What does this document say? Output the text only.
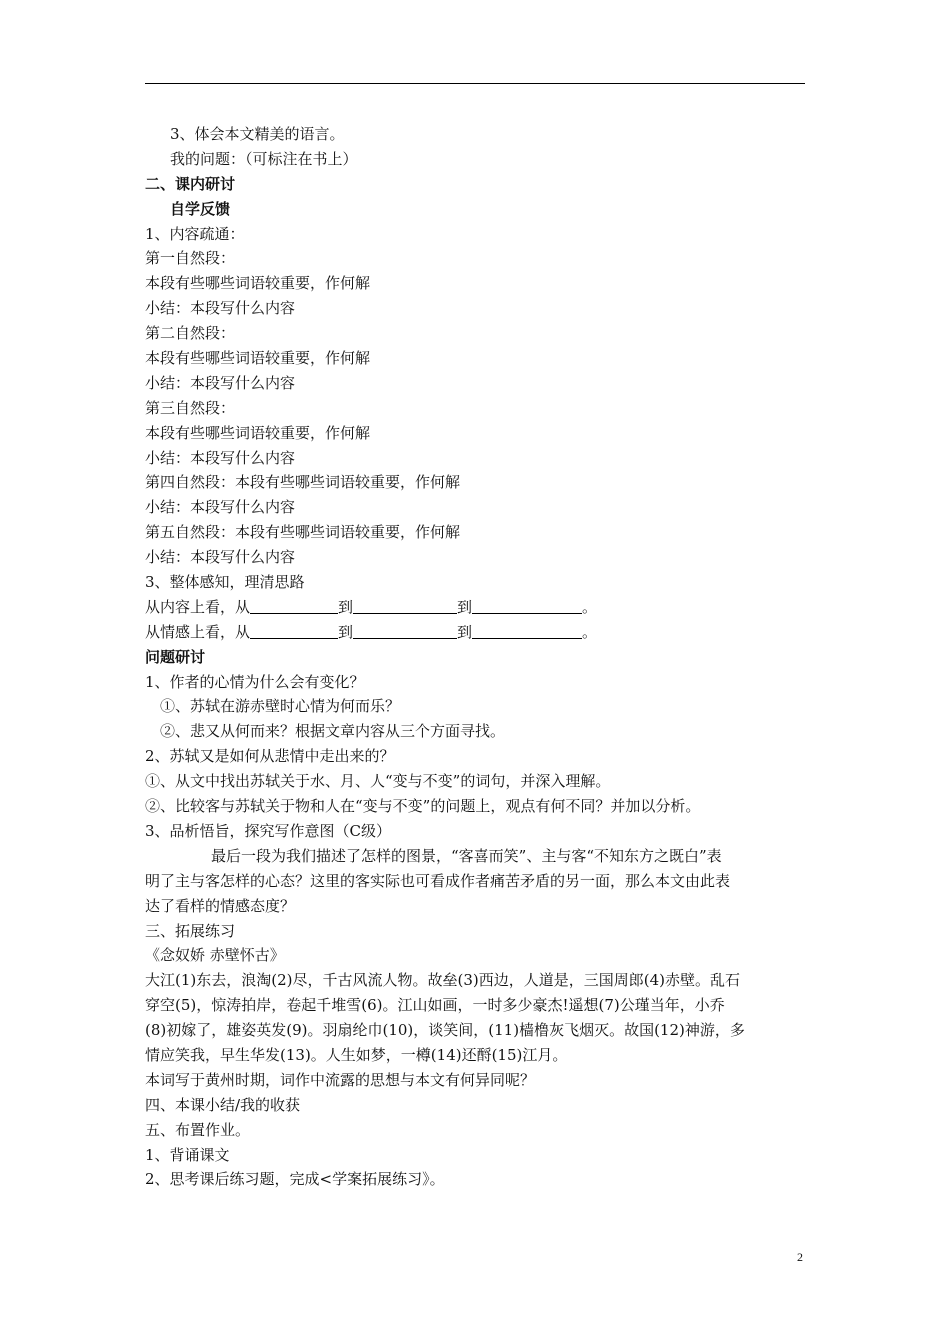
3、体会本文精美的语言。
我的问题：（可标注在书上）
二、课内研讨
自学反馈
1、内容疏通：
第一自然段：
本段有些哪些词语较重要，作何解
小结：本段写什么内容
第二自然段：
本段有些哪些词语较重要，作何解
小结：本段写什么内容
第三自然段：
本段有些哪些词语较重要，作何解
小结：本段写什么内容
第四自然段：本段有些哪些词语较重要，作何解
小结：本段写什么内容
第五自然段：本段有些哪些词语较重要，作何解
小结：本段写什么内容
3、整体感知，理清思路
从内容上看，从	到	到	。
从情感上看，从	到	到	。
问题研讨
1、作者的心情为什么会有变化？
①、苏轼在游赤壁时心情为何而乐？
②、悲又从何而来？根据文章内容从三个方面寻找。
2、苏轼又是如何从悲情中走出来的？
①、从文中找出苏轼关于水、月、人“变与不变”的词句，并深入理解。
②、比较客与苏轼关于物和人在“变与不变”的问题上，观点有何不同？并加以分析。
3、品析悟旨，探究写作意图（C级）
最后一段为我们描述了怎样的图景，“客喜而笑”、主与客“不知东方之既白”表
明了主与客怎样的心态？这里的客实际也可看成作者痛苦矛盾的另一面，那么本文由此表
达了看样的情感态度？
三、拓展练习
《念奴娇 赤壁怀古》
大江(1)东去，浪淘(2)尽，千古风流人物。故垒(3)西边，人道是，三国周郎(4)赤壁。乱石
穿空(5)，惊涛拍岸，卷起千堆雪(6)。江山如画，一时多少豪杰!遥想(7)公瑾当年，小乔
(8)初嫁了，雄姿英发(9)。羽扇纶巾(10)，谈笑间，(11)樯橹灰飞烟灭。故国(12)神游，多
情应笑我，早生华发(13)。人生如梦，一樽(14)还酹(15)江月。
本词写于黄州时期，词作中流露的思想与本文有何异同呢？
四、本课小结/我的收获
五、布置作业。
1、背诵课文
2、思考课后练习题，完成<学案拓展练习》。
2
